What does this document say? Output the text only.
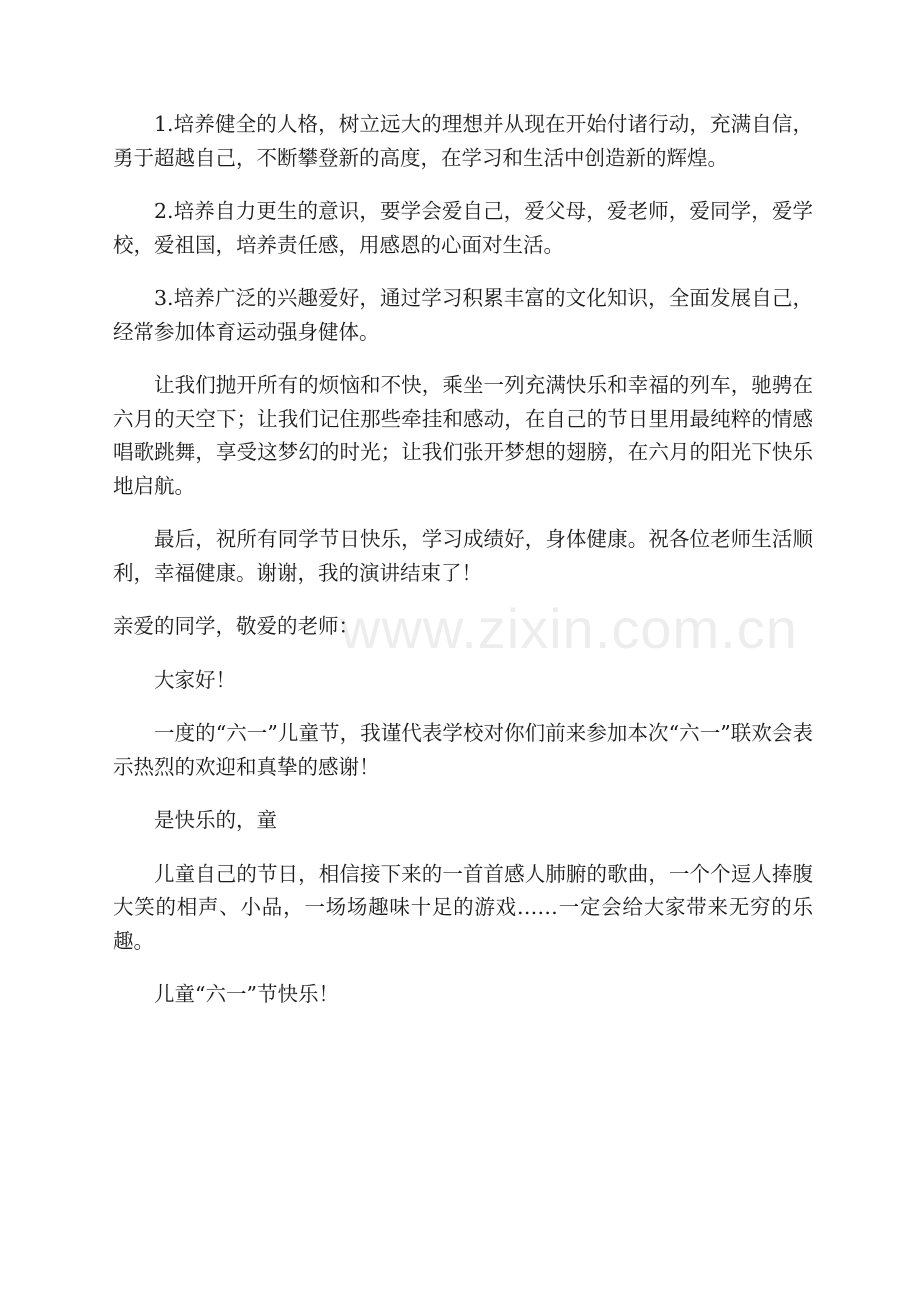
1.培养健全的人格，树立远大的理想并从现在开始付诸行动，充满自信，勇于超越自己，不断攀登新的高度，在学习和生活中创造新的辉煌。

2.培养自力更生的意识，要学会爱自己，爱父母，爱老师，爱同学，爱学校，爱祖国，培养责任感，用感恩的心面对生活。

3.培养广泛的兴趣爱好，通过学习积累丰富的文化知识，全面发展自己，经常参加体育运动强身健体。

让我们抛开所有的烦恼和不快，乘坐一列充满快乐和幸福的列车，驰骋在六月的天空下；让我们记住那些牵挂和感动，在自己的节日里用最纯粹的情感唱歌跳舞，享受这梦幻的时光；让我们张开梦想的翅膀，在六月的阳光下快乐地启航。

最后，祝所有同学节日快乐，学习成绩好，身体健康。祝各位老师生活顺利，幸福健康。谢谢，我的演讲结束了！

亲爱的同学，敬爱的老师：

大家好！

一度的“六一”儿童节，我谨代表学校对你们前来参加本次“六一”联欢会表示热烈的欢迎和真挚的感谢！

是快乐的，童

儿童自己的节日，相信接下来的一首首感人肺腑的歌曲，一个个逗人捧腹大笑的相声、小品，一场场趣味十足的游戏……一定会给大家带来无穷的乐趣。

儿童“六一”节快乐！

www.zixin.com.cn
